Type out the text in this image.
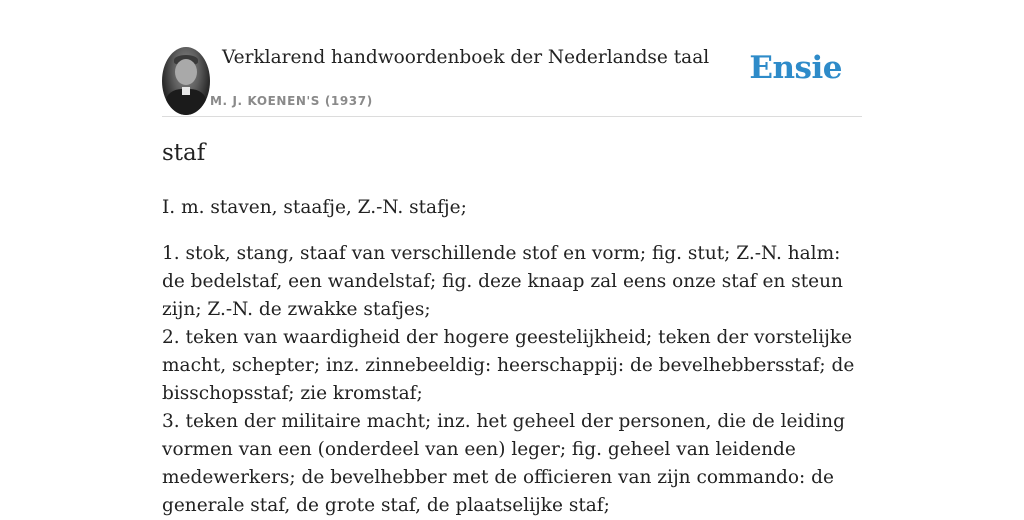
Verklarend handwoordenboek der Nederlandse taal
M. J. KOENEN'S (1937)
Ensie
staf
I. m. staven, staafje, Z.-N. stafje;

1. stok, stang, staaf van verschillende stof en vorm; fig. stut; Z.-N. halm: de bedelstaf, een wandelstaf; fig. deze knaap zal eens onze staf en steun zijn; Z.-N. de zwakke stafjes;

2. teken van waardigheid der hogere geestelijkheid; teken der vorstelijke macht, schepter; inz. zinnebeeldig: heerschappij: de bevelhebbersstaf; de bisschopsstaf; zie kromstaf;

3. teken der militaire macht; inz. het geheel der personen, die de leiding vormen van een (onderdeel van een) leger; fig. geheel van leidende medewerkers; de bevelhebber met de officieren van zijn commando: de generale staf, de grote staf, de plaatselijke staf;
